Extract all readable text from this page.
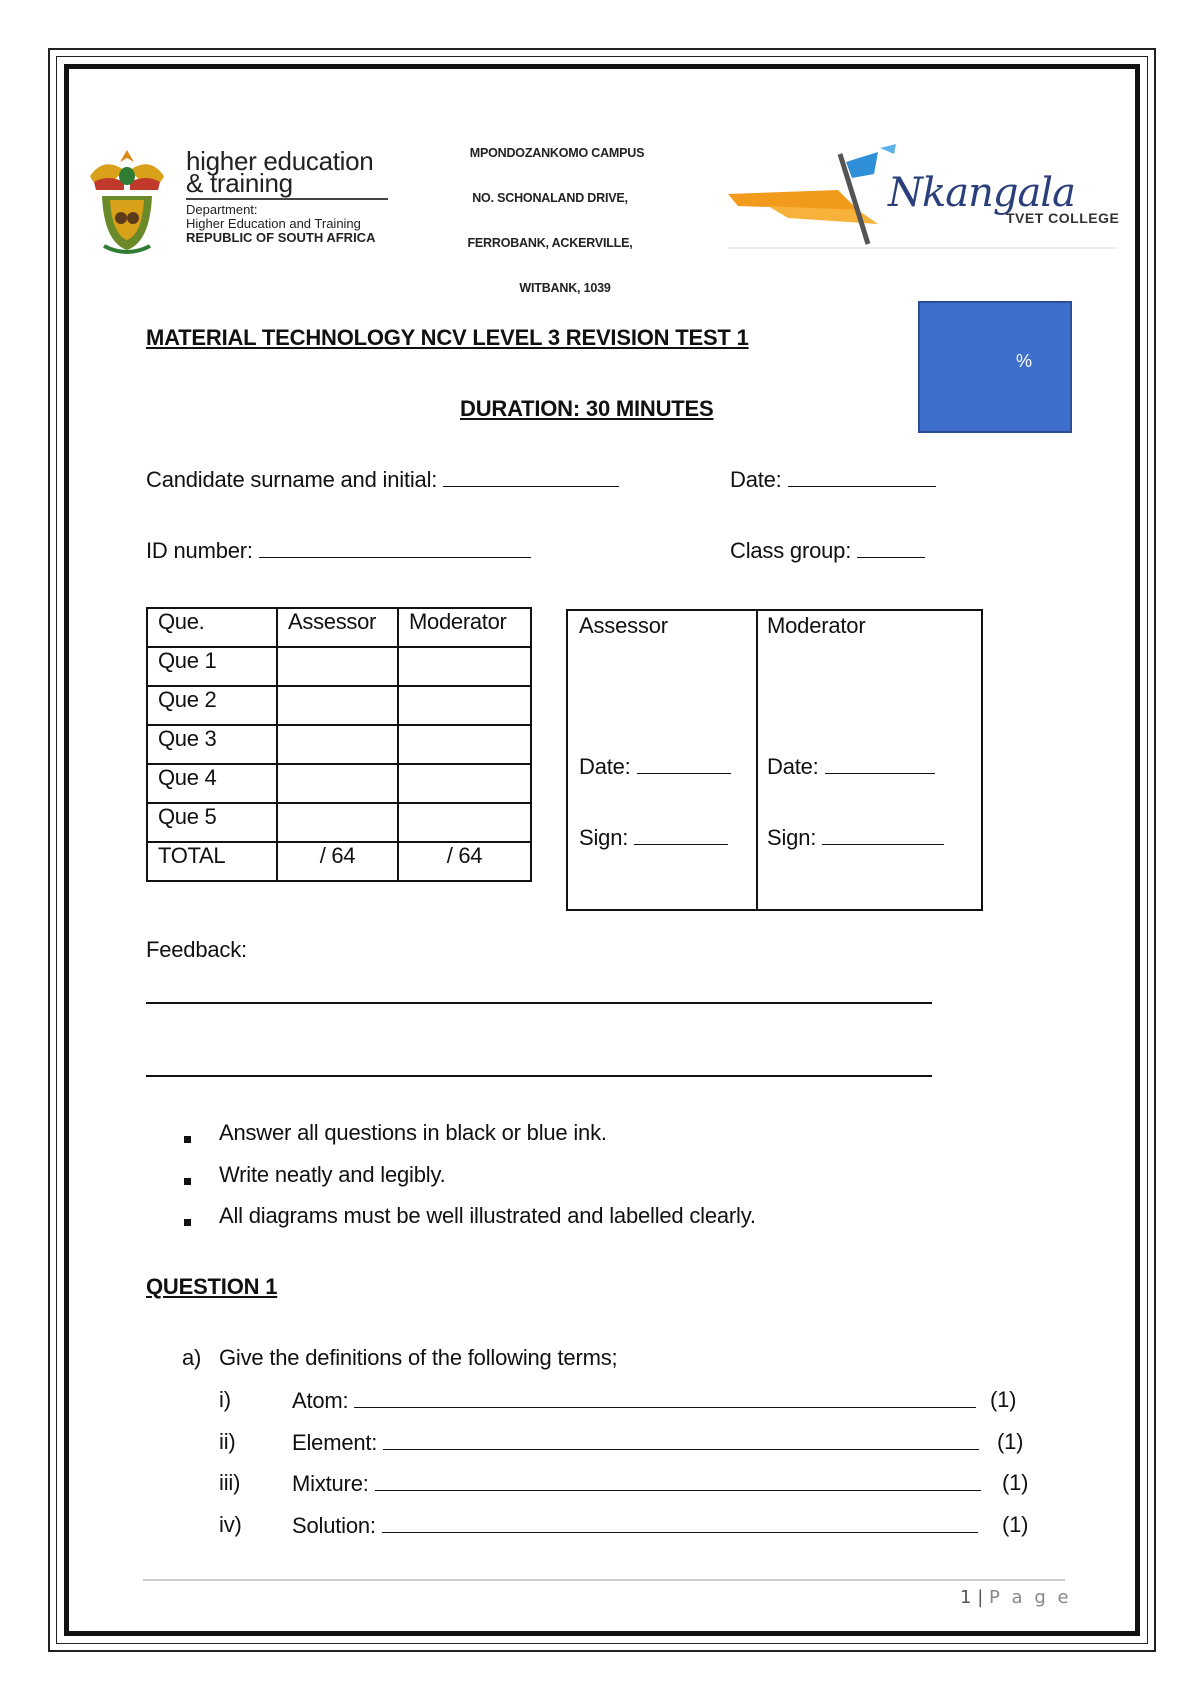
higher education
& training
Department:
Higher Education and Training
REPUBLIC OF SOUTH AFRICA
MPONDOZANKOMO CAMPUS
NO. SCHONALAND DRIVE,
FERROBANK, ACKERVILLE,
WITBANK, 1039
Nkangala
TVET COLLEGE
MATERIAL TECHNOLOGY NCV LEVEL 3 REVISION TEST 1
DURATION: 30 MINUTES
%
Candidate surname and initial:	Date:
ID number:	Class group:
Que.	Assessor	Moderator
Que 1		
Que 2		
Que 3		
Que 4		
Que 5		
TOTAL	/ 64	/ 64
Assessor	Moderator
Date:	Date:
Sign:	Sign:
Feedback:
Answer all questions in black or blue ink.
Write neatly and legibly.
All diagrams must be well illustrated and labelled clearly.
QUESTION 1
a) Give the definitions of the following terms;
i)	Atom:	(1)
ii)	Element:	(1)
iii) Mixture:	(1)
iv) Solution:	(1)
1 | P a g e
